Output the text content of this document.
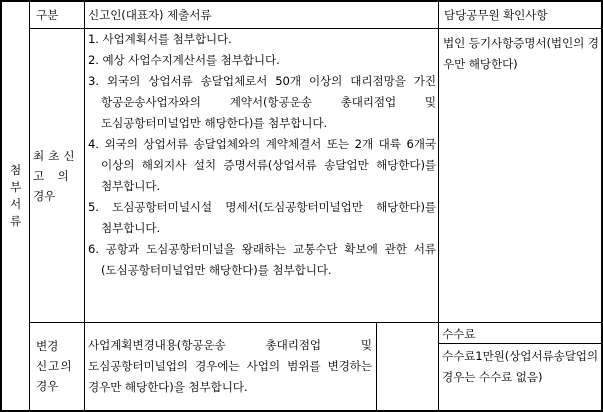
첨
부
서
류
구분	신고인(대표자) 제출서류	담당공무원 확인사항
최초신
고  의
경우

1. 사업계획서를 첨부합니다.

2. 예상 사업수지계산서를 첨부합니다.

3. 외국의 상업서류 송달업체로서 50개 이상의 대리점망을 가진 항공운송사업자와의 계약서(항공운송 총대리점업 및 도심공항터미널업만 해당한다)를 첨부합니다.

4. 외국의 상업서류 송달업체와의 계약체결서 또는 2개 대륙 6개국 이상의 해외지사 설치 증명서류(상업서류 송달업만 해당한다)를 첨부합니다.

5. 도심공항터미널시설 명세서(도심공항터미널업만 해당한다)를 첨부합니다.

6. 공항과 도심공항터미널을 왕래하는 교통수단 확보에 관한 서류(도심공항터미널업만 해당한다)를 첨부합니다.

법인 등기사항증명서(법인의 경우만 해당한다)
변경
신고의
경우

사업계획변경내용(항공운송 총대리점업 및 도심공항터미널업의 경우에는 사업의 범위를 변경하는 경우만 해당한다)을 첨부합니다.

수수료

수수료1만원(상업서류송달업의 경우는 수수료 없음)
